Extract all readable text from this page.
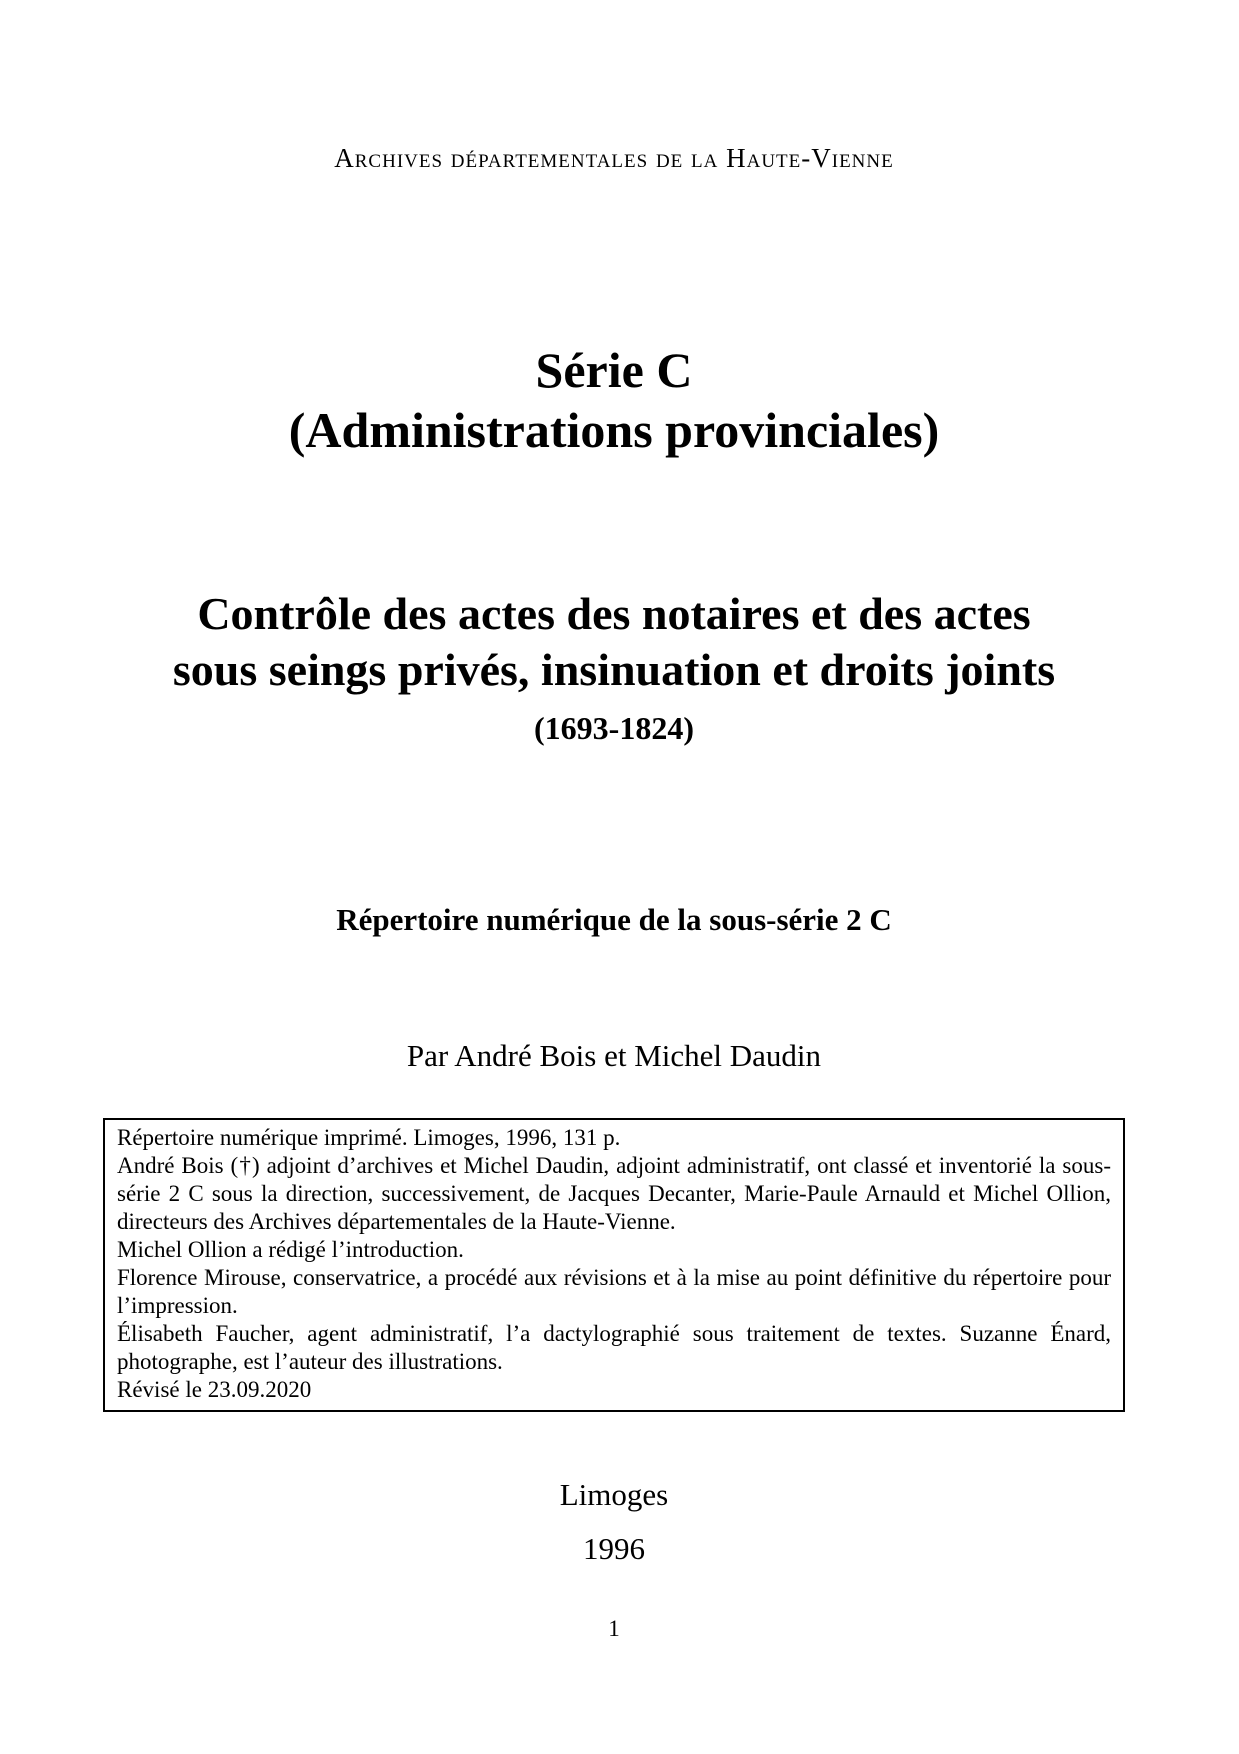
Archives départementales de la Haute-Vienne
Série C
(Administrations provinciales)
Contrôle des actes des notaires et des actes
sous seings privés, insinuation et droits joints
(1693-1824)
Répertoire numérique de la sous-série 2 C
Par André Bois et Michel Daudin

Répertoire numérique imprimé. Limoges, 1996, 131 p.

André Bois (†) adjoint d’archives et Michel Daudin, adjoint administratif, ont classé et inventorié la sous-série 2 C sous la direction, successivement, de Jacques Decanter, Marie-Paule Arnauld et Michel Ollion, directeurs des Archives départementales de la Haute-Vienne.

Michel Ollion a rédigé l’introduction.

Florence Mirouse, conservatrice, a procédé aux révisions et à la mise au point définitive du répertoire pour l’impression.

Élisabeth Faucher, agent administratif, l’a dactylographié sous traitement de textes. Suzanne Énard, photographe, est l’auteur des illustrations.

Révisé le 23.09.2020

Limoges
1996
1
